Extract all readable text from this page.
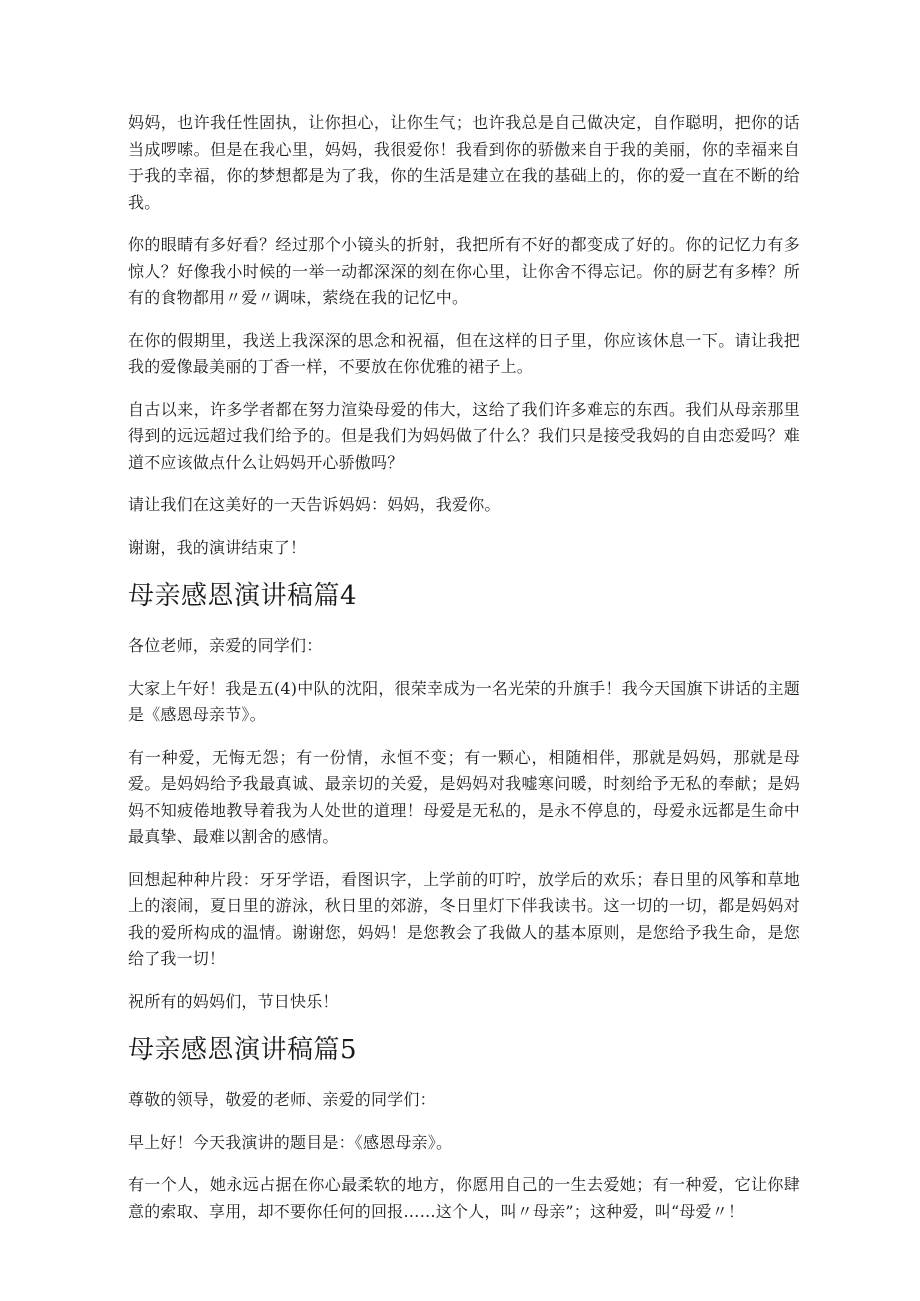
妈妈，也许我任性固执，让你担心，让你生气；也许我总是自己做决定，自作聪明，把你的话当成啰嗦。但是在我心里，妈妈，我很爱你！我看到你的骄傲来自于我的美丽，你的幸福来自于我的幸福，你的梦想都是为了我，你的生活是建立在我的基础上的，你的爱一直在不断的给我。

你的眼睛有多好看？经过那个小镜头的折射，我把所有不好的都变成了好的。你的记忆力有多惊人？好像我小时候的一举一动都深深的刻在你心里，让你舍不得忘记。你的厨艺有多棒？所有的食物都用〃爱〃调味，萦绕在我的记忆中。

在你的假期里，我送上我深深的思念和祝福，但在这样的日子里，你应该休息一下。请让我把我的爱像最美丽的丁香一样，不要放在你优雅的裙子上。

自古以来，许多学者都在努力渲染母爱的伟大，这给了我们许多难忘的东西。我们从母亲那里得到的远远超过我们给予的。但是我们为妈妈做了什么？我们只是接受我妈的自由恋爱吗？难道不应该做点什么让妈妈开心骄傲吗？

请让我们在这美好的一天告诉妈妈：妈妈，我爱你。

谢谢，我的演讲结束了！

母亲感恩演讲稿篇4

各位老师，亲爱的同学们：

大家上午好！我是五(4)中队的沈阳，很荣幸成为一名光荣的升旗手！我今天国旗下讲话的主题是《感恩母亲节》。

有一种爱，无悔无怨；有一份情，永恒不变；有一颗心，相随相伴，那就是妈妈，那就是母爱。是妈妈给予我最真诚、最亲切的关爱，是妈妈对我嘘寒问暖，时刻给予无私的奉献；是妈妈不知疲倦地教导着我为人处世的道理！母爱是无私的，是永不停息的，母爱永远都是生命中最真挚、最难以割舍的感情。

回想起种种片段：牙牙学语，看图识字，上学前的叮咛，放学后的欢乐；春日里的风筝和草地上的滚闹，夏日里的游泳，秋日里的郊游，冬日里灯下伴我读书。这一切的一切，都是妈妈对我的爱所构成的温情。谢谢您，妈妈！是您教会了我做人的基本原则，是您给予我生命，是您给了我一切！

祝所有的妈妈们，节日快乐！

母亲感恩演讲稿篇5

尊敬的领导，敬爱的老师、亲爱的同学们：

早上好！今天我演讲的题目是：《感恩母亲》。

有一个人，她永远占据在你心最柔软的地方，你愿用自己的一生去爱她；有一种爱，它让你肆意的索取、享用，却不要你任何的回报……这个人，叫〃母亲”；这种爱，叫“母爱〃！
